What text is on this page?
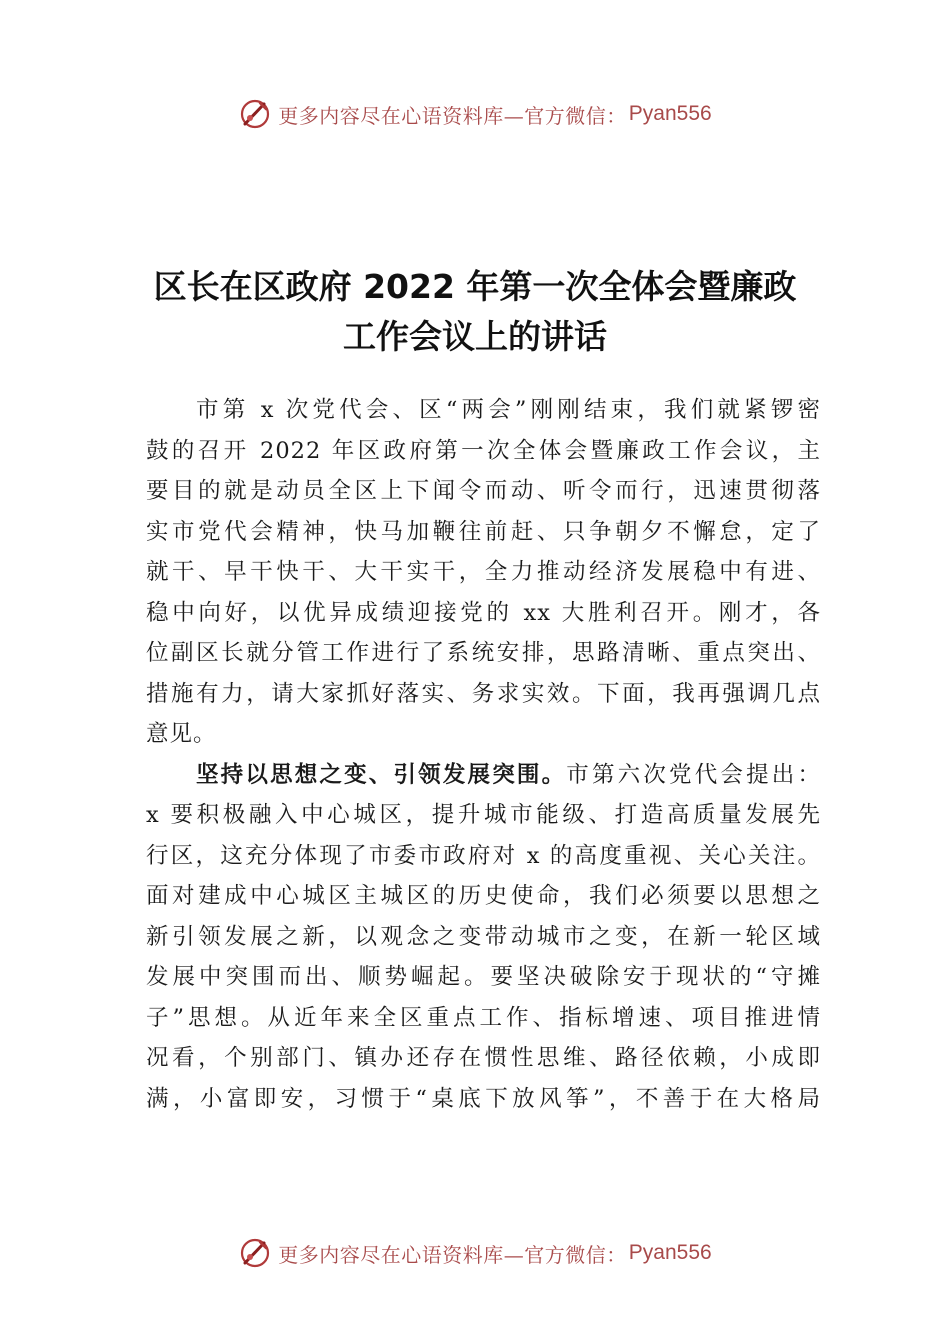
更多内容尽在心语资料库—官方微信： Pyan556
区长在区政府 2022 年第一次全体会暨廉政
工作会议上的讲话
市第 x 次党代会、区“两会”刚刚结束，我们就紧锣密
鼓的召开 2022 年区政府第一次全体会暨廉政工作会议，主
要目的就是动员全区上下闻令而动、听令而行，迅速贯彻落
实市党代会精神，快马加鞭往前赶、只争朝夕不懈怠，定了
就干、早干快干、大干实干，全力推动经济发展稳中有进、
稳中向好，以优异成绩迎接党的 xx 大胜利召开。刚才，各
位副区长就分管工作进行了系统安排，思路清晰、重点突出、
措施有力，请大家抓好落实、务求实效。下面，我再强调几点
意见。
坚持以思想之变、引领发展突围。市第六次党代会提出：
x 要积极融入中心城区，提升城市能级、打造高质量发展先
行区，这充分体现了市委市政府对 x 的高度重视、关心关注。
面对建成中心城区主城区的历史使命，我们必须要以思想之
新引领发展之新，以观念之变带动城市之变，在新一轮区域
发展中突围而出、顺势崛起。要坚决破除安于现状的“守摊
子”思想。从近年来全区重点工作、指标增速、项目推进情
况看，个别部门、镇办还存在惯性思维、路径依赖，小成即
满，小富即安，习惯于“桌底下放风筝”，不善于在大格局
更多内容尽在心语资料库—官方微信： Pyan556
